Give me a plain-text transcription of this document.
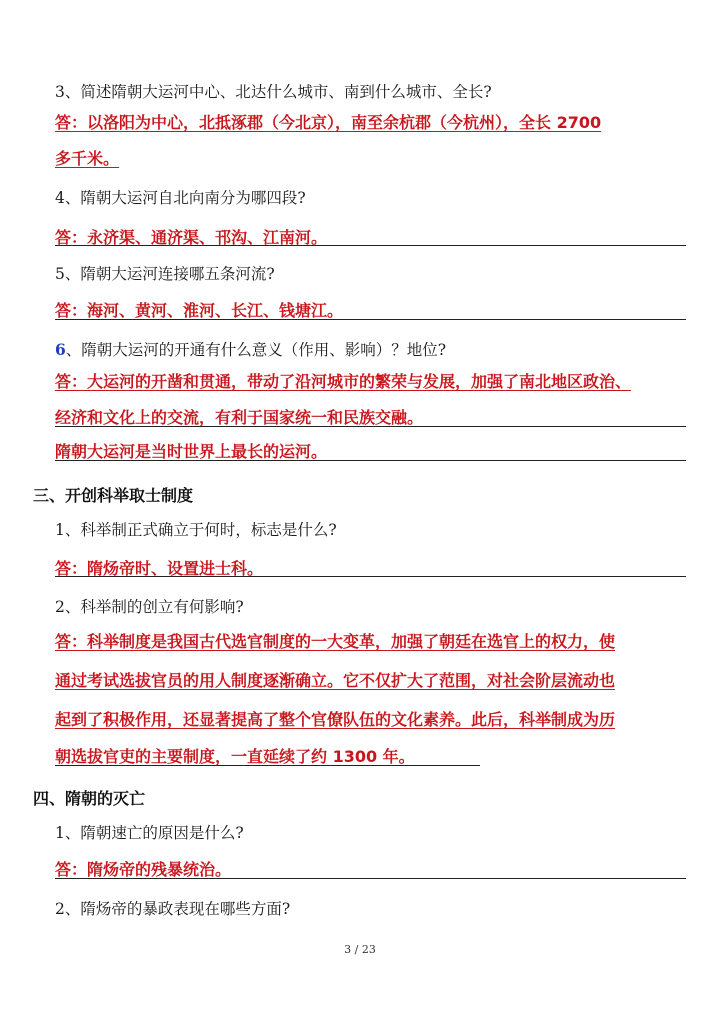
3、简述隋朝大运河中心、北达什么城市、南到什么城市、全长?
答：以洛阳为中心，北抵涿郡（今北京），南至余杭郡（今杭州），全长 2700
多千米。
4、隋朝大运河自北向南分为哪四段?
答：永济渠、通济渠、邗沟、江南河。
5、隋朝大运河连接哪五条河流?
答：海河、黄河、淮河、长江、钱塘江。
6、隋朝大运河的开通有什么意义（作用、影响）？地位?
答：大运河的开凿和贯通，带动了沿河城市的繁荣与发展，加强了南北地区政治、
经济和文化上的交流，有利于国家统一和民族交融。
隋朝大运河是当时世界上最长的运河。
三、开创科举取士制度
1、科举制正式确立于何时，标志是什么?
答：隋炀帝时、设置进士科。
2、科举制的创立有何影响?
答：科举制度是我国古代选官制度的一大变革，加强了朝廷在选官上的权力，使
通过考试选拔官员的用人制度逐渐确立。它不仅扩大了范围，对社会阶层流动也
起到了积极作用，还显著提高了整个官僚队伍的文化素养。此后，科举制成为历
朝选拔官吏的主要制度，一直延续了约 1300 年。
四、隋朝的灭亡
1、隋朝速亡的原因是什么?
答：隋炀帝的残暴统治。
2、隋炀帝的暴政表现在哪些方面?
3 / 23
